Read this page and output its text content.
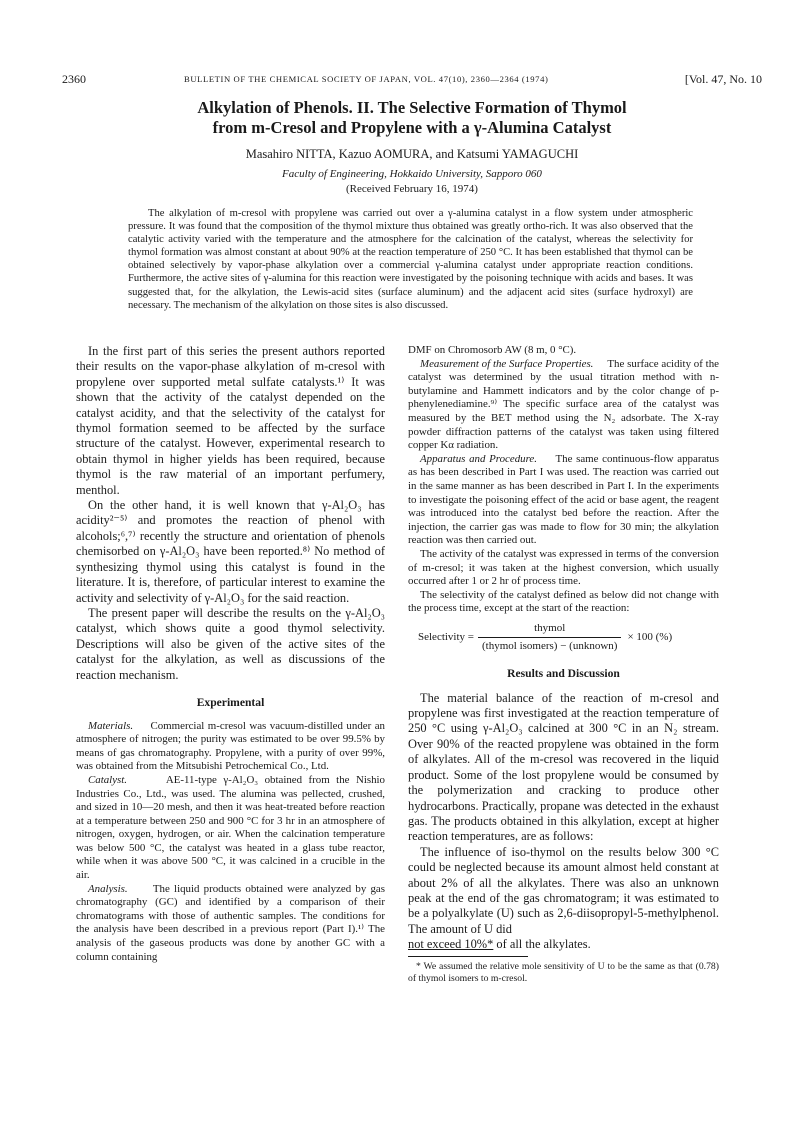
2360	BULLETIN OF THE CHEMICAL SOCIETY OF JAPAN, VOL. 47(10), 2360—2364 (1974)	[Vol. 47, No. 10
Alkylation of Phenols. II. The Selective Formation of Thymol
from m-Cresol and Propylene with a γ-Alumina Catalyst
Masahiro NITTA, Kazuo AOMURA, and Katsumi YAMAGUCHI
Faculty of Engineering, Hokkaido University, Sapporo 060
(Received February 16, 1974)

The alkylation of m-cresol with propylene was carried out over a γ-alumina catalyst in a flow system under atmospheric pressure. It was found that the composition of the thymol mixture thus obtained was greatly ortho-rich. It was also observed that the catalytic activity varied with the temperature and the atmosphere for the calcination of the catalyst, whereas the selectivity for thymol formation was almost constant at about 90% at the reaction temperature of 250 °C. It has been established that thymol can be obtained selectively by vapor-phase alkylation over a commercial γ-alumina catalyst under appropriate reaction conditions. Furthermore, the active sites of γ-alumina for this reaction were investigated by the poisoning technique with acids and bases. It was suggested that, for the alkylation, the Lewis-acid sites (surface aluminum) and the adjacent acid sites (surface hydroxyl) are necessary. The mechanism of the alkylation on those sites is also discussed.

In the first part of this series the present authors reported their results on the vapor-phase alkylation of m-cresol with propylene over supported metal sulfate catalysts.¹⁾ It was shown that the activity of the catalyst depended on the catalyst acidity, and that the selectivity of the catalyst for thymol formation seemed to be affected by the surface structure of the catalyst. However, experimental research to obtain thymol in higher yields has been required, because thymol is the raw material of an important perfumery, menthol.

On the other hand, it is well known that γ-Al₂O₃ has acidity²⁻⁵⁾ and promotes the reaction of phenol with alcohols;⁶,⁷⁾ recently the structure and orientation of phenols chemisorbed on γ-Al₂O₃ have been reported.⁸⁾ No method of synthesizing thymol using this catalyst is found in the literature. It is, therefore, of particular interest to examine the activity and selectivity of γ-Al₂O₃ for the said reaction.

The present paper will describe the results on the γ-Al₂O₃ catalyst, which shows quite a good thymol selectivity. Descriptions will also be given of the active sites of the catalyst for the alkylation, as well as discussions of the reaction mechanism.

Experimental

Materials. Commercial m-cresol was vacuum-distilled under an atmosphere of nitrogen; the purity was estimated to be over 99.5% by means of gas chromatography. Propylene, with a purity of over 99%, was obtained from the Mitsubishi Petrochemical Co., Ltd.

Catalyst.	AE-11-type γ-Al₂O₃ obtained from the Nishio Industries Co., Ltd., was used. The alumina was pellected, crushed, and sized in 10—20 mesh, and then it was heat-treated before reaction at a temperature between 250 and 900 °C for 3 hr in an atmosphere of nitrogen, oxygen, hydrogen, or air. When the calcination temperature was below 500 °C, the catalyst was heated in a glass tube reactor, while when it was above 500 °C, it was calcined in a crucible in the air.

Analysis. The liquid products obtained were analyzed by gas chromatography (GC) and identified by a comparison of their chromatograms with those of authentic samples. The conditions for the analysis have been described in a previous report (Part I).¹⁾ The analysis of the gaseous products was done by another GC with a column containing

DMF on Chromosorb AW (8 m, 0 °C).

Measurement of the Surface Properties. The surface acidity of the catalyst was determined by the usual titration method with n-butylamine and Hammett indicators and by the color change of p-phenylenediamine.⁹⁾ The specific surface area of the catalyst was measured by the BET method using the N₂ adsorbate. The X-ray powder diffraction patterns of the catalyst was taken using filtered copper Kα radiation.

Apparatus and Procedure. The same continuous-flow apparatus as has been described in Part I was used. The reaction was carried out in the same manner as has been described in Part I. In the experiments to investigate the poisoning effect of the acid or base agent, the reagent was introduced into the catalyst bed before the reaction. After the injection, the carrier gas was made to flow for 30 min; the alkylation reaction was then carried out.

The activity of the catalyst was expressed in terms of the conversion of m-cresol; it was taken at the highest conversion, which usually occurred after 1 or 2 hr of process time.

The selectivity of the catalyst defined as below did not change with the process time, except at the start of the reaction:

Selectivity = $\frac{\text{thymol}}{\text{(thymol isomers) − (unknown)}} \times 100$ (%)
Results and Discussion

The material balance of the reaction of m-cresol and propylene was first investigated at the reaction temperature of 250 °C using γ-Al₂O₃ calcined at 300 °C in an N₂ stream. Over 90% of the reacted propylene was obtained in the form of alkylates. All of the m-cresol was recovered in the liquid product. Some of the lost propylene would be consumed by the polymerization and cracking to produce other hydrocarbons. Practically, propane was detected in the exhaust gas. The products obtained in this alkylation, except at higher reaction temperatures, are as follows:

The influence of iso-thymol on the results below 300 °C could be neglected because its amount almost held constant at about 2% of all the alkylates. There was also an unknown peak at the end of the gas chromatogram; it was estimated to be a polyalkylate (U) such as 2,6-diisopropyl-5-methylphenol. The amount of U did
not exceed 10%* of all the alkylates.

* We assumed the relative mole sensitivity of U to be the same as that (0.78) of thymol isomers to m-cresol.
